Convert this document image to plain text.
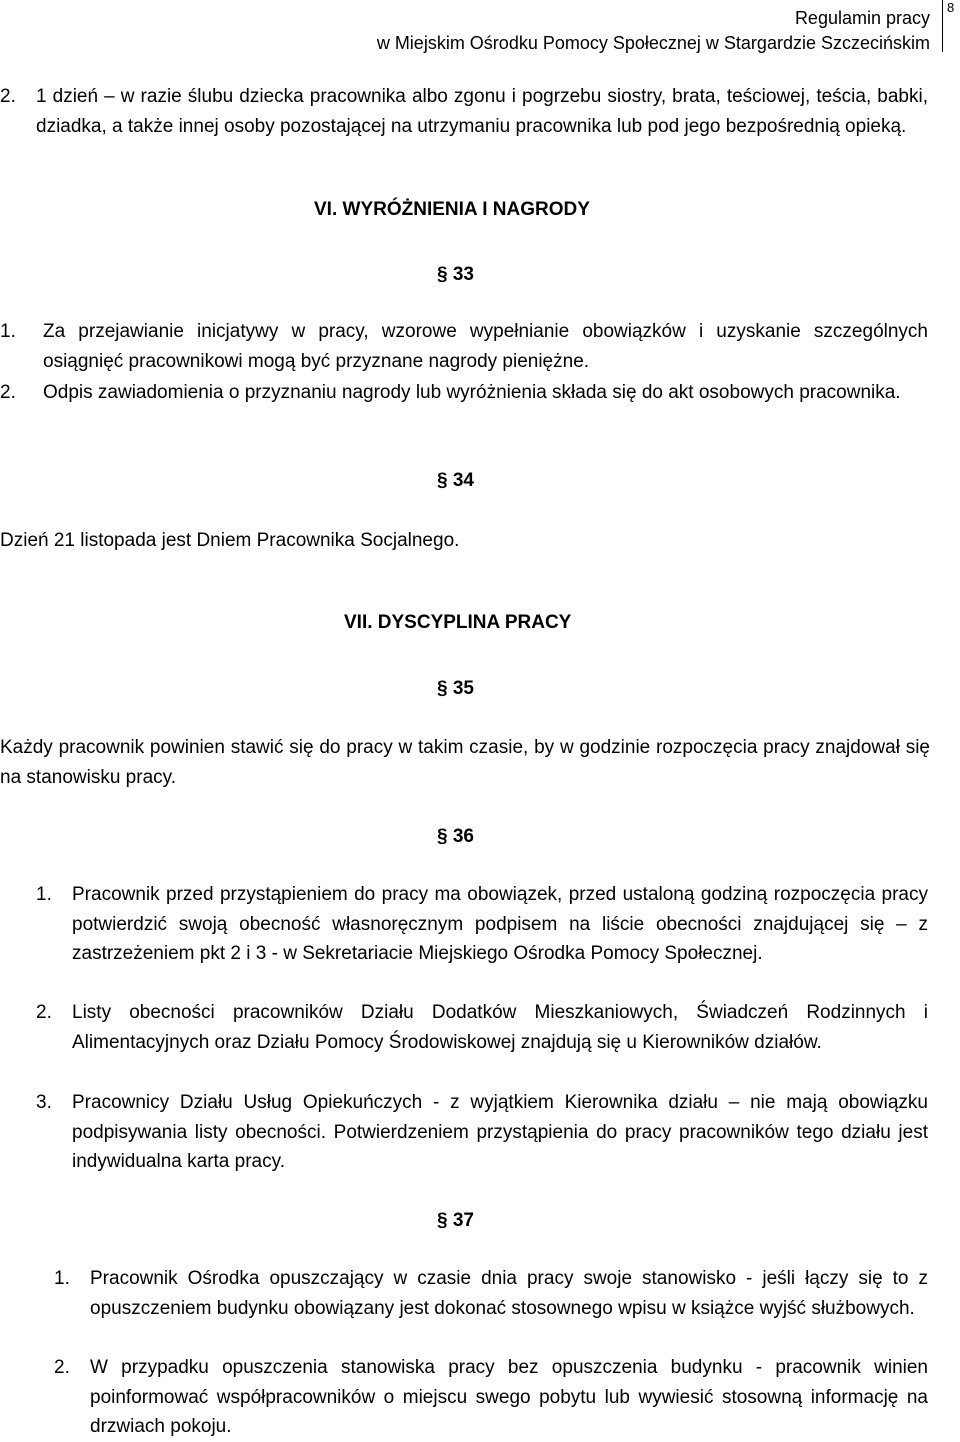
8
Regulamin pracy
w Miejskim Ośrodku Pomocy Społecznej w Stargardzie Szczecińskim
2. 1 dzień – w razie ślubu dziecka pracownika albo zgonu i pogrzebu siostry, brata, teściowej, teścia, babki, dziadka, a także innej osoby pozostającej na utrzymaniu pracownika lub pod jego bezpośrednią opieką.

VI. WYRÓŻNIENIA I NAGRODY
§ 33
1. Za przejawianie inicjatywy w pracy, wzorowe wypełnianie obowiązków i uzyskanie szczególnych osiągnięć pracownikowi mogą być przyznane nagrody pieniężne.

2. Odpis zawiadomienia o przyznaniu nagrody lub wyróżnienia składa się do akt osobowych pracownika.

§ 34

Dzień 21 listopada jest Dniem Pracownika Socjalnego.

VII. DYSCYPLINA PRACY
§ 35

Każdy pracownik powinien stawić się do pracy w takim czasie, by w godzinie rozpoczęcia pracy znajdował się na stanowisku pracy.

§ 36
1. Pracownik przed przystąpieniem do pracy ma obowiązek, przed ustaloną godziną rozpoczęcia pracy potwierdzić swoją obecność własnoręcznym podpisem na liście obecności znajdującej się – z zastrzeżeniem pkt 2 i 3 - w Sekretariacie Miejskiego Ośrodka Pomocy Społecznej.

2. Listy obecności pracowników Działu Dodatków Mieszkaniowych, Świadczeń Rodzinnych i Alimentacyjnych oraz Działu Pomocy Środowiskowej znajdują się u Kierowników działów.

3. Pracownicy Działu Usług Opiekuńczych - z wyjątkiem Kierownika działu – nie mają obowiązku podpisywania listy obecności. Potwierdzeniem przystąpienia do pracy pracowników tego działu jest indywidualna karta pracy.

§ 37
1. Pracownik Ośrodka opuszczający w czasie dnia pracy swoje stanowisko - jeśli łączy się to z opuszczeniem budynku obowiązany jest dokonać stosownego wpisu w książce wyjść służbowych.

2. W przypadku opuszczenia stanowiska pracy bez opuszczenia budynku - pracownik winien poinformować współpracowników o miejscu swego pobytu lub wywiesić stosowną informację na drzwiach pokoju.
